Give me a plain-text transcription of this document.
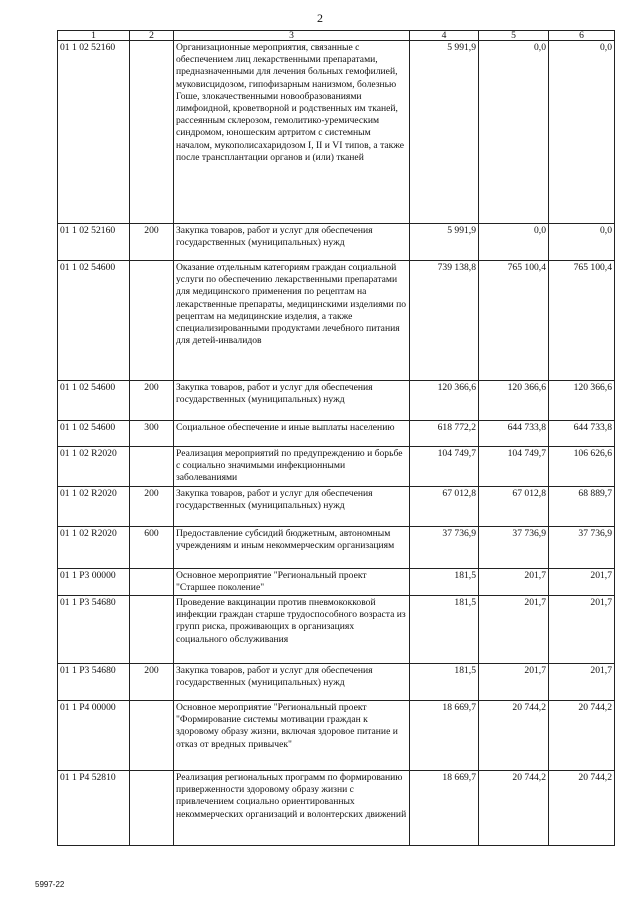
2
1	2	3	4	5	6
01 1 02 52160		Организационные мероприятия, связанные с обеспечением лиц лекарственными препаратами, предназначенными для лечения больных гемофилией, муковисцидозом, гипофизарным нанизмом, болезнью Гоше, злокачественными новообразованиями лимфоидной, кроветворной и родственных им тканей, рассеянным склерозом, гемолитико-уремическим синдромом, юношеским артритом с системным началом, мукополисахаридозом I, II и VI типов, а также после трансплантации органов и (или) тканей	5 991,9	0,0	0,0
01 1 02 52160	200	Закупка товаров, работ и услуг для обеспечения государственных (муниципальных) нужд	5 991,9	0,0	0,0
01 1 02 54600		Оказание отдельным категориям граждан социальной услуги по обеспечению лекарственными препаратами для медицинского применения по рецептам на лекарственные препараты, медицинскими изделиями по рецептам на медицинские изделия, а также специализированными продуктами лечебного питания для детей-инвалидов	739 138,8	765 100,4	765 100,4
01 1 02 54600	200	Закупка товаров, работ и услуг для обеспечения государственных (муниципальных) нужд	120 366,6	120 366,6	120 366,6
01 1 02 54600	300	Социальное обеспечение и иные выплаты населению	618 772,2	644 733,8	644 733,8
01 1 02 R2020		Реализация мероприятий по предупреждению и борьбе с социально значимыми инфекционными заболеваниями	104 749,7	104 749,7	106 626,6
01 1 02 R2020	200	Закупка товаров, работ и услуг для обеспечения государственных (муниципальных) нужд	67 012,8	67 012,8	68 889,7
01 1 02 R2020	600	Предоставление субсидий бюджетным, автономным учреждениям и иным некоммерческим организациям	37 736,9	37 736,9	37 736,9
01 1 P3 00000		Основное мероприятие "Региональный проект "Старшее поколение"	181,5	201,7	201,7
01 1 P3 54680		Проведение вакцинации против пневмококковой инфекции граждан старше трудоспособного возраста из групп риска, проживающих в организациях социального обслуживания	181,5	201,7	201,7
01 1 P3 54680	200	Закупка товаров, работ и услуг для обеспечения государственных (муниципальных) нужд	181,5	201,7	201,7
01 1 P4 00000		Основное мероприятие "Региональный проект "Формирование системы мотивации граждан к здоровому образу жизни, включая здоровое питание и отказ от вредных привычек"	18 669,7	20 744,2	20 744,2
01 1 P4 52810		Реализация региональных программ по формированию приверженности здоровому образу жизни с привлечением социально ориентированных некоммерческих организаций и волонтерских движений	18 669,7	20 744,2	20 744,2
5997-22
